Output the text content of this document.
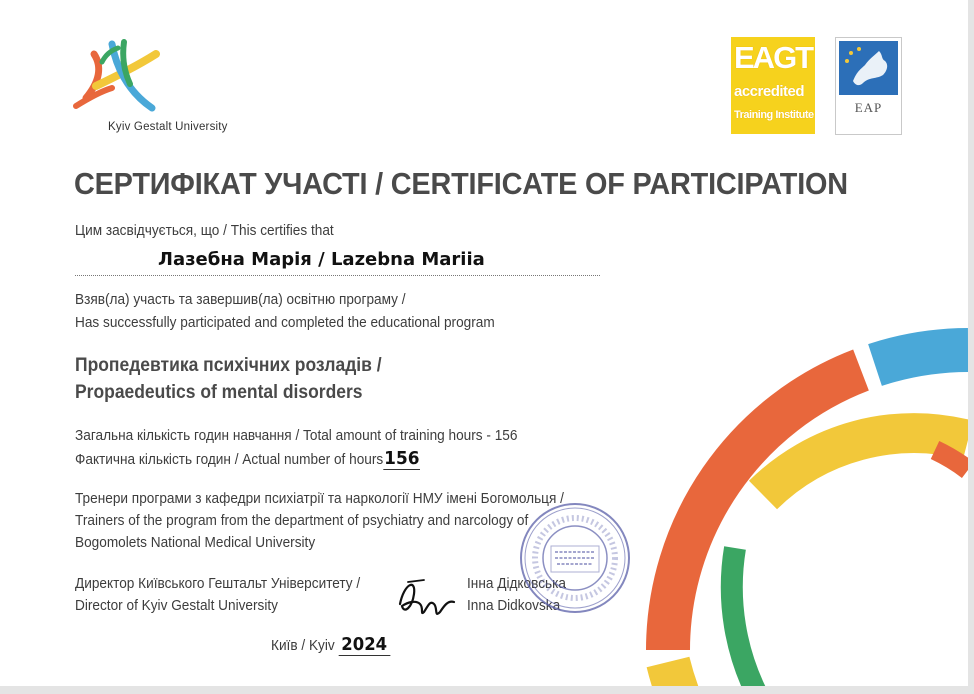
Kyiv Gestalt University
EAGT
accredited
Training Institute	EAP
СЕРТИФІКАТ УЧАСТІ / CERTIFICATE OF PARTICIPATION
Цим засвідчується, що / This certifies that
Лазебна Марія / Lazebna Mariia
Взяв(ла) участь та завершив(ла) освітню програму /
Has successfully participated and completed the educational program
Пропедевтика психічних розладів /
Propaedeutics of mental disorders
Загальна кількість годин навчання / Total amount of training hours - 156
Фактична кількість годин / Actual number of hours156
Тренери програми з кафедри психіатрії та наркології НМУ імені Богомольця /
Trainers of the program from the department of psychiatry and narcology of
Bogomolets National Medical University
Директор Київського Гештальт Університету /
Director of Kyiv Gestalt University
Інна Дідковська
Inna Didkovska
Київ / Kyiv 2024
